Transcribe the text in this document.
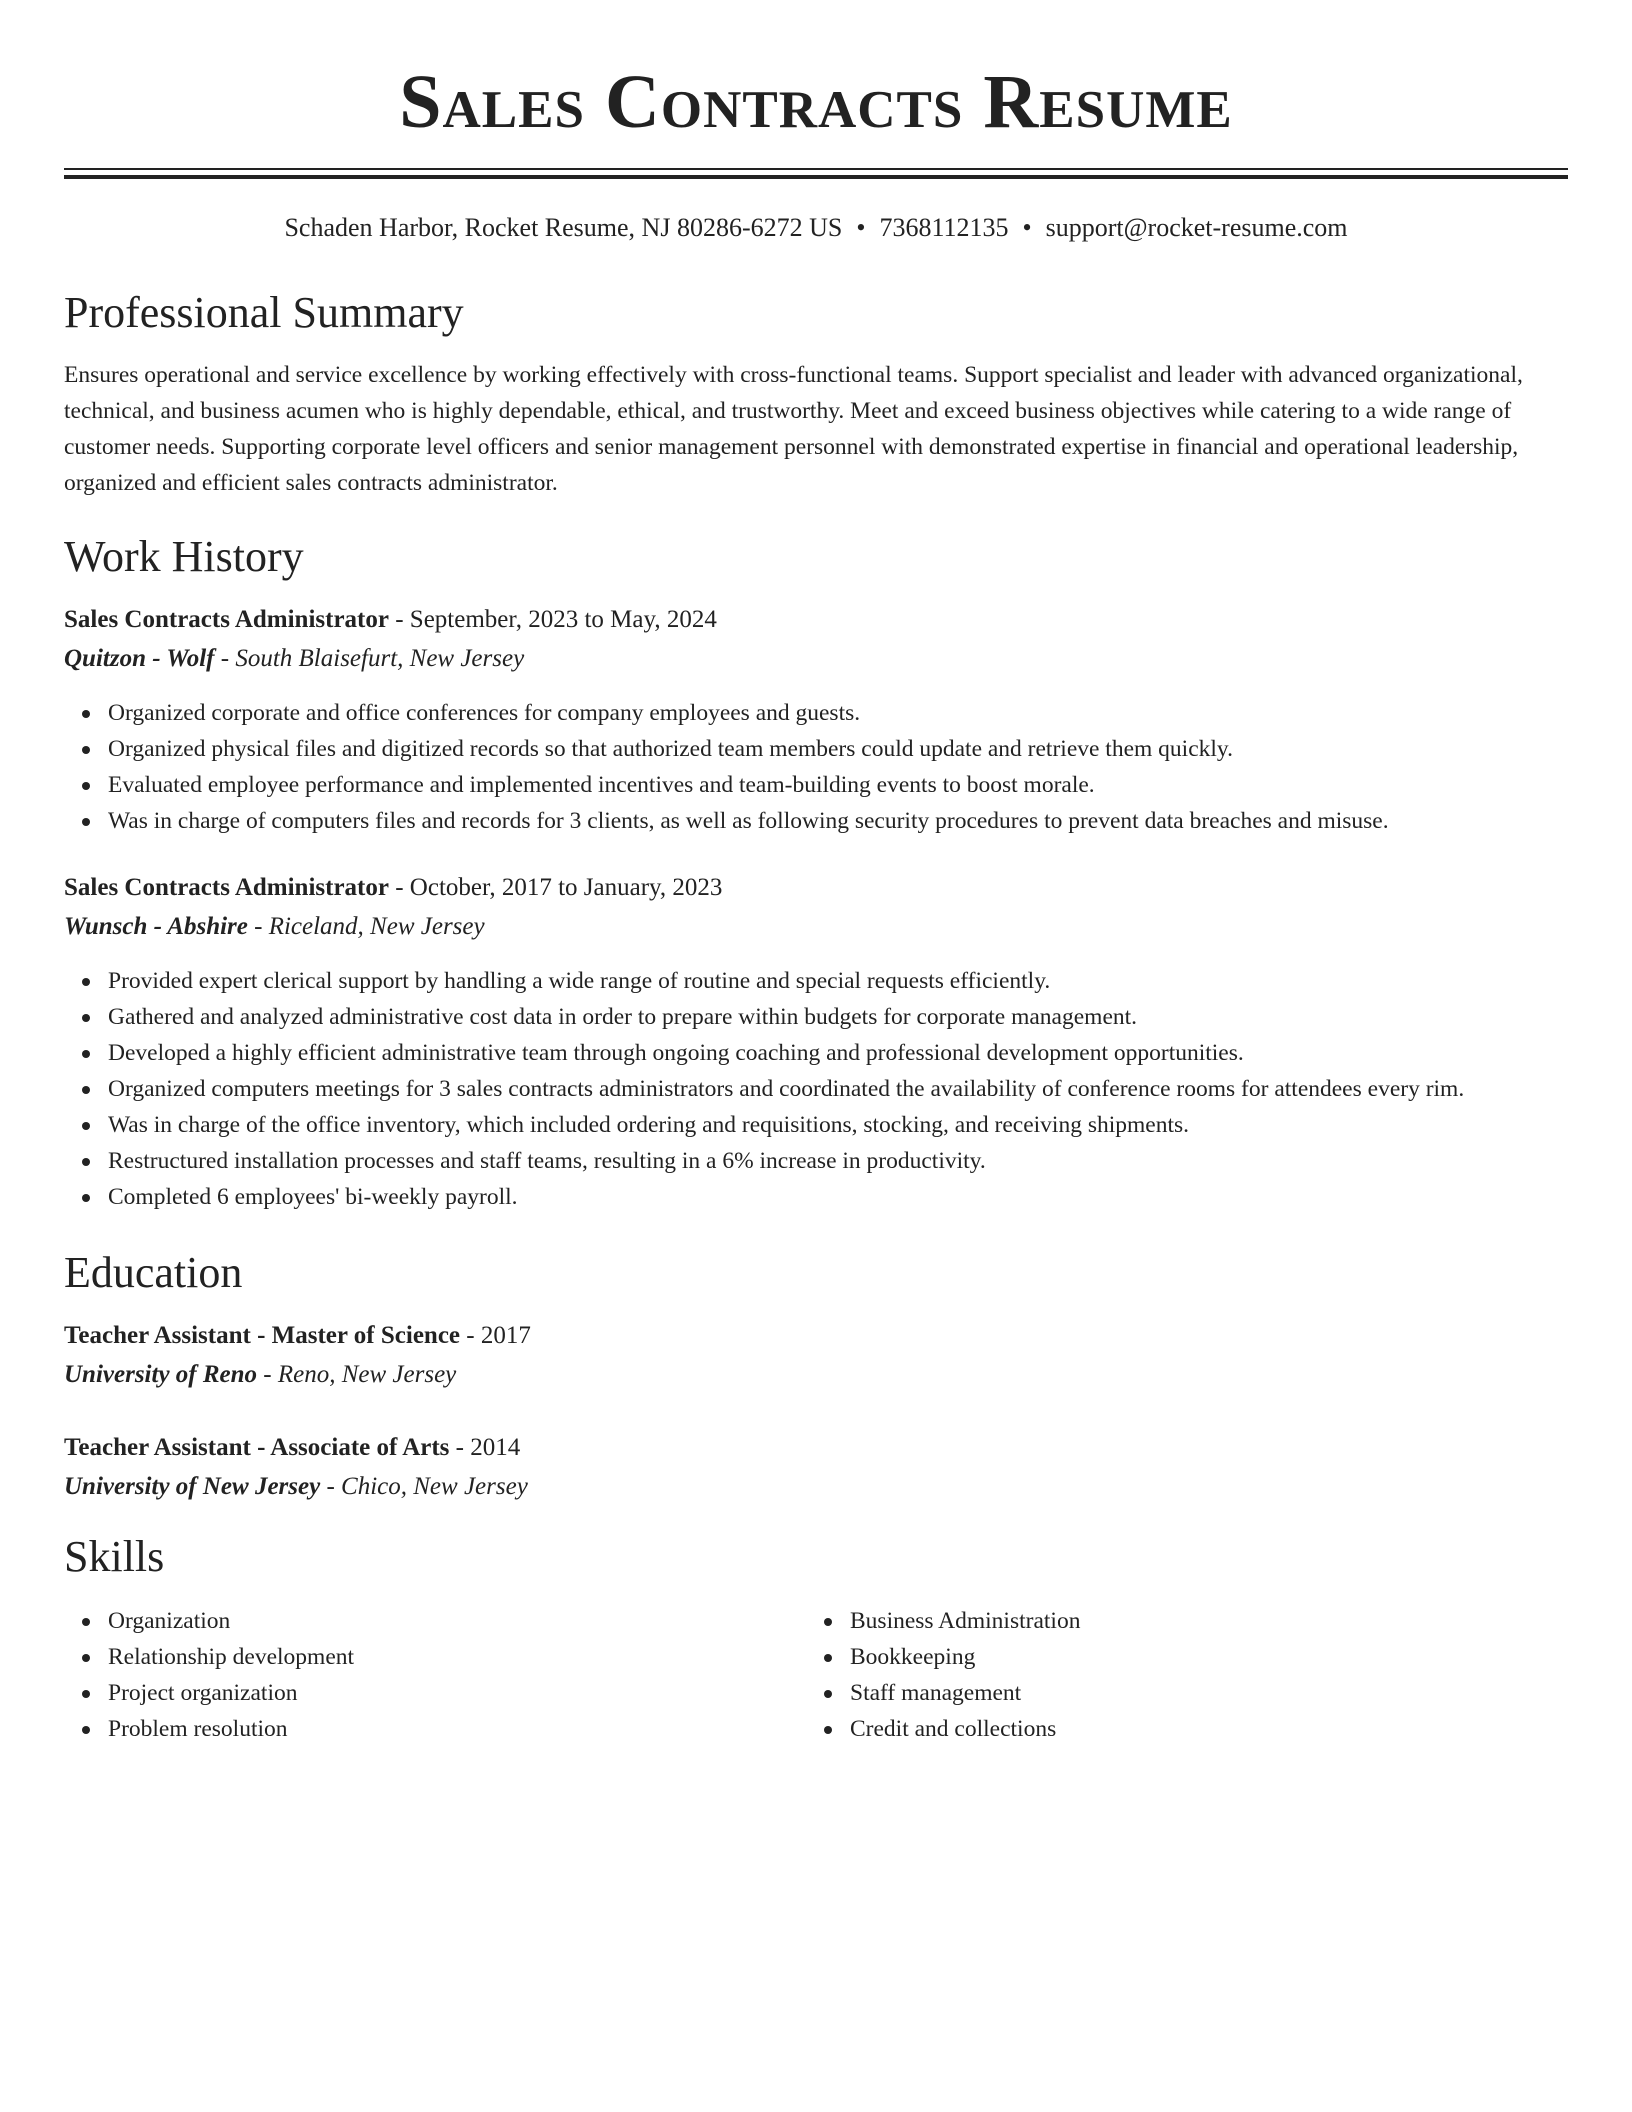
Sales Contracts Resume
Schaden Harbor, Rocket Resume, NJ 80286-6272 US • 7368112135 • support@rocket-resume.com
Professional Summary

Ensures operational and service excellence by working effectively with cross-functional teams. Support specialist and leader with advanced organizational, technical, and business acumen who is highly dependable, ethical, and trustworthy. Meet and exceed business objectives while catering to a wide range of customer needs. Supporting corporate level officers and senior management personnel with demonstrated expertise in financial and operational leadership, organized and efficient sales contracts administrator.

Work History
Sales Contracts Administrator - September, 2023 to May, 2024
Quitzon - Wolf - South Blaisefurt, New Jersey
Organized corporate and office conferences for company employees and guests.
Organized physical files and digitized records so that authorized team members could update and retrieve them quickly.
Evaluated employee performance and implemented incentives and team-building events to boost morale.
Was in charge of computers files and records for 3 clients, as well as following security procedures to prevent data breaches and misuse.
Sales Contracts Administrator - October, 2017 to January, 2023
Wunsch - Abshire - Riceland, New Jersey
Provided expert clerical support by handling a wide range of routine and special requests efficiently.
Gathered and analyzed administrative cost data in order to prepare within budgets for corporate management.
Developed a highly efficient administrative team through ongoing coaching and professional development opportunities.
Organized computers meetings for 3 sales contracts administrators and coordinated the availability of conference rooms for attendees every rim.
Was in charge of the office inventory, which included ordering and requisitions, stocking, and receiving shipments.
Restructured installation processes and staff teams, resulting in a 6% increase in productivity.
Completed 6 employees' bi-weekly payroll.
Education
Teacher Assistant - Master of Science - 2017
University of Reno - Reno, New Jersey
Teacher Assistant - Associate of Arts - 2014
University of New Jersey - Chico, New Jersey
Skills
Organization
Relationship development
Project organization
Problem resolution
Business Administration
Bookkeeping
Staff management
Credit and collections
